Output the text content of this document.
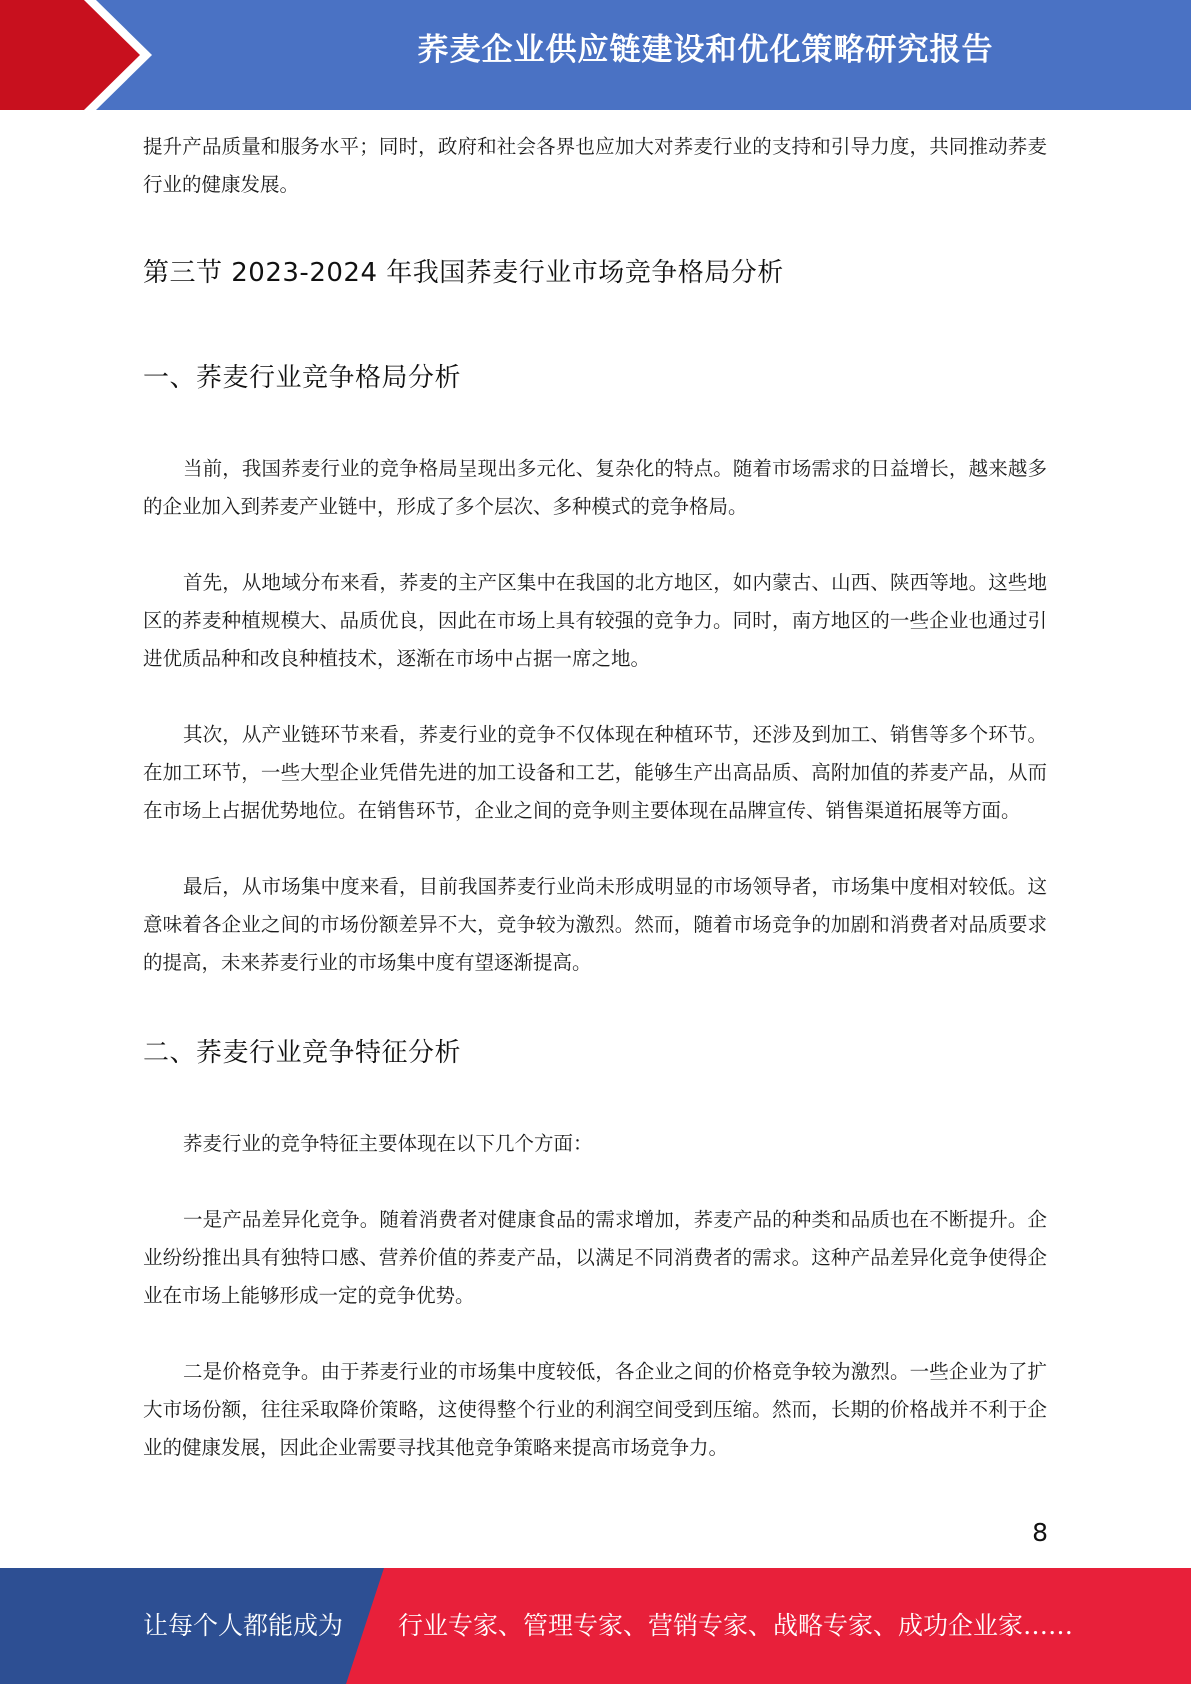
荞麦企业供应链建设和优化策略研究报告

提升产品质量和服务水平；同时，政府和社会各界也应加大对荞麦行业的支持和引导力度，共同推动荞麦行业的健康发展。

第三节 2023-2024 年我国荞麦行业市场竞争格局分析
一、荞麦行业竞争格局分析

当前，我国荞麦行业的竞争格局呈现出多元化、复杂化的特点。随着市场需求的日益增长，越来越多的企业加入到荞麦产业链中，形成了多个层次、多种模式的竞争格局。

首先，从地域分布来看，荞麦的主产区集中在我国的北方地区，如内蒙古、山西、陕西等地。这些地区的荞麦种植规模大、品质优良，因此在市场上具有较强的竞争力。同时，南方地区的一些企业也通过引进优质品种和改良种植技术，逐渐在市场中占据一席之地。

其次，从产业链环节来看，荞麦行业的竞争不仅体现在种植环节，还涉及到加工、销售等多个环节。在加工环节，一些大型企业凭借先进的加工设备和工艺，能够生产出高品质、高附加值的荞麦产品，从而在市场上占据优势地位。在销售环节，企业之间的竞争则主要体现在品牌宣传、销售渠道拓展等方面。

最后，从市场集中度来看，目前我国荞麦行业尚未形成明显的市场领导者，市场集中度相对较低。这意味着各企业之间的市场份额差异不大，竞争较为激烈。然而，随着市场竞争的加剧和消费者对品质要求的提高，未来荞麦行业的市场集中度有望逐渐提高。

二、荞麦行业竞争特征分析

荞麦行业的竞争特征主要体现在以下几个方面：

一是产品差异化竞争。随着消费者对健康食品的需求增加，荞麦产品的种类和品质也在不断提升。企业纷纷推出具有独特口感、营养价值的荞麦产品，以满足不同消费者的需求。这种产品差异化竞争使得企业在市场上能够形成一定的竞争优势。

二是价格竞争。由于荞麦行业的市场集中度较低，各企业之间的价格竞争较为激烈。一些企业为了扩大市场份额，往往采取降价策略，这使得整个行业的利润空间受到压缩。然而，长期的价格战并不利于企业的健康发展，因此企业需要寻找其他竞争策略来提高市场竞争力。

8
让每个人都能成为 行业专家、管理专家、营销专家、战略专家、成功企业家……
